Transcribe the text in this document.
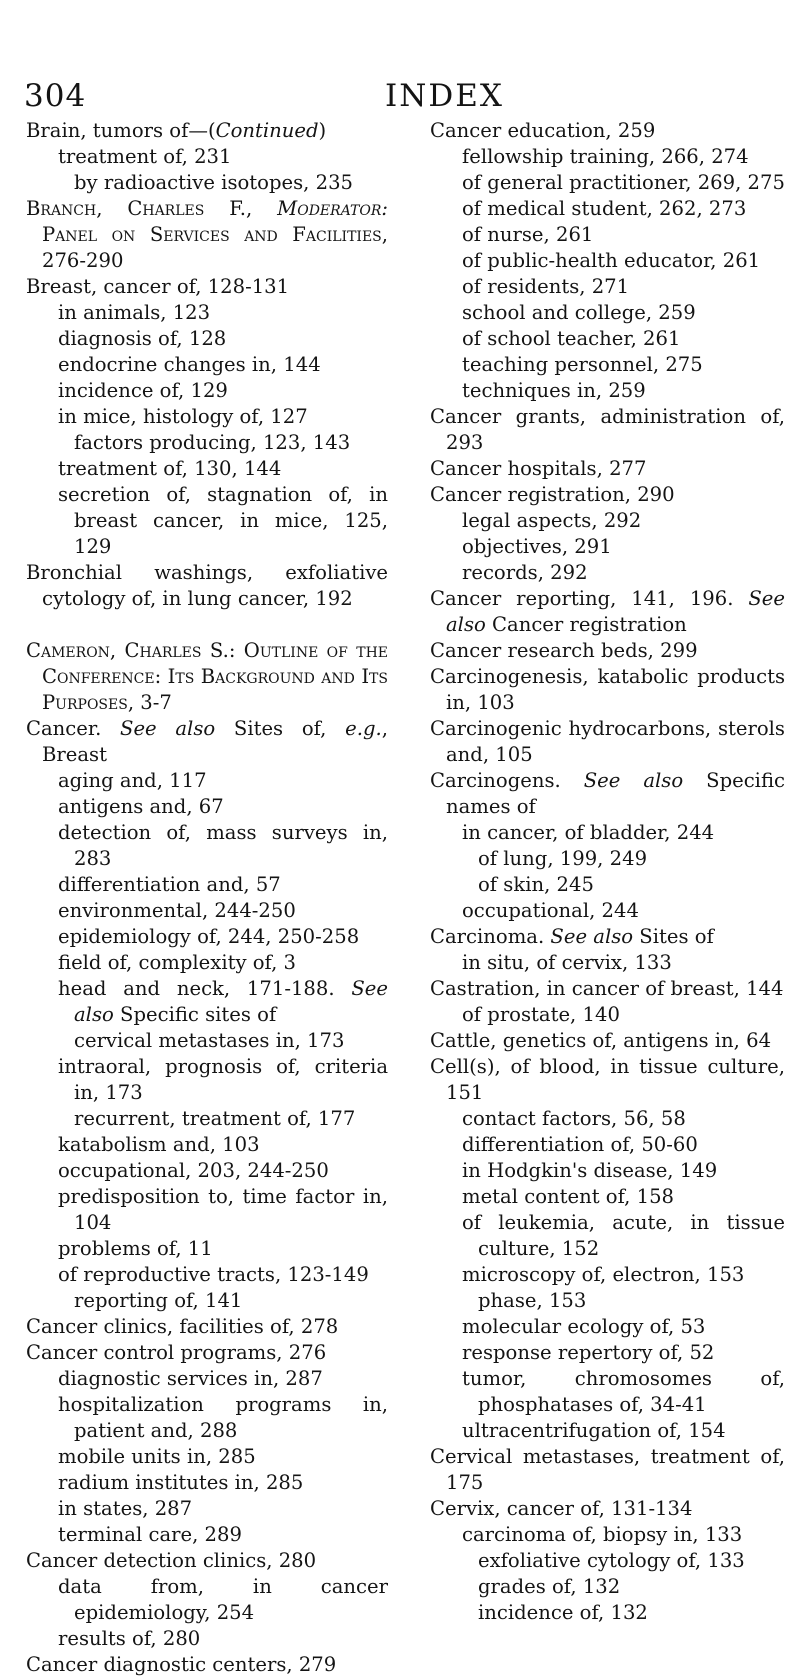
304	INDEX
Brain, tumors of—(Continued)
treatment of, 231
by radioactive isotopes, 235
Branch, Charles F., Moderator: Panel on Services and Facilities, 276-290
Breast, cancer of, 128-131
in animals, 123
diagnosis of, 128
endocrine changes in, 144
incidence of, 129
in mice, histology of, 127
factors producing, 123, 143
treatment of, 130, 144
secretion of, stagnation of, in breast cancer, in mice, 125, 129
Bronchial washings, exfoliative cytology of, in lung cancer, 192
Cameron, Charles S.: Outline of the Conference: Its Background and Its Purposes, 3-7
Cancer. See also Sites of, e.g., Breast
aging and, 117
antigens and, 67
detection of, mass surveys in, 283
differentiation and, 57
environmental, 244-250
epidemiology of, 244, 250-258
field of, complexity of, 3
head and neck, 171-188. See also Specific sites of
cervical metastases in, 173
intraoral, prognosis of, criteria in, 173
recurrent, treatment of, 177
katabolism and, 103
occupational, 203, 244-250
predisposition to, time factor in, 104
problems of, 11
of reproductive tracts, 123-149
reporting of, 141
Cancer clinics, facilities of, 278
Cancer control programs, 276
diagnostic services in, 287
hospitalization programs in, patient and, 288
mobile units in, 285
radium institutes in, 285
in states, 287
terminal care, 289
Cancer detection clinics, 280
data from, in cancer epidemiology, 254
results of, 280
Cancer diagnostic centers, 279
Cancer education, 259
fellowship training, 266, 274
of general practitioner, 269, 275
of medical student, 262, 273
of nurse, 261
of public-health educator, 261
of residents, 271
school and college, 259
of school teacher, 261
teaching personnel, 275
techniques in, 259
Cancer grants, administration of, 293
Cancer hospitals, 277
Cancer registration, 290
legal aspects, 292
objectives, 291
records, 292
Cancer reporting, 141, 196. See also Cancer registration
Cancer research beds, 299
Carcinogenesis, katabolic products in, 103
Carcinogenic hydrocarbons, sterols and, 105
Carcinogens. See also Specific names of
in cancer, of bladder, 244
of lung, 199, 249
of skin, 245
occupational, 244
Carcinoma. See also Sites of
in situ, of cervix, 133
Castration, in cancer of breast, 144
of prostate, 140
Cattle, genetics of, antigens in, 64
Cell(s), of blood, in tissue culture, 151
contact factors, 56, 58
differentiation of, 50-60
in Hodgkin's disease, 149
metal content of, 158
of leukemia, acute, in tissue culture, 152
microscopy of, electron, 153
phase, 153
molecular ecology of, 53
response repertory of, 52
tumor, chromosomes of, phosphatases of, 34-41
ultracentrifugation of, 154
Cervical metastases, treatment of, 175
Cervix, cancer of, 131-134
carcinoma of, biopsy in, 133
exfoliative cytology of, 133
grades of, 132
incidence of, 132
